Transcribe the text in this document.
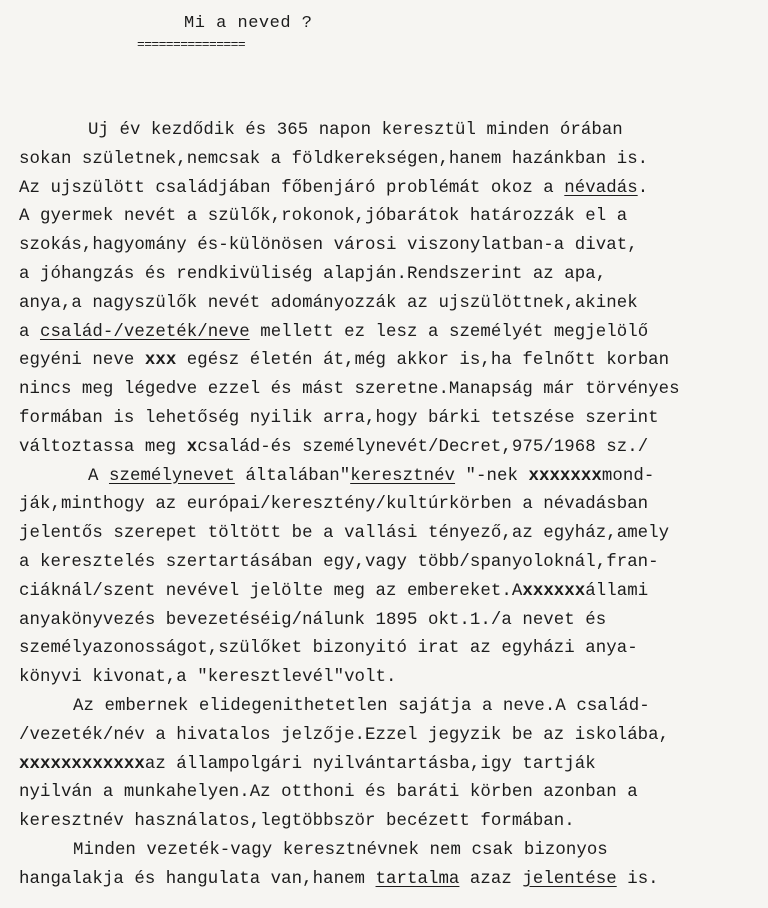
Mi a neved ?
===============
Uj év kezdődik és 365 napon keresztül minden órában
sokan születnek,nemcsak a földkerekségen,hanem hazánkban is.
Az ujszülött családjában főbenjáró problémát okoz a névadás.
A gyermek nevét a szülők,rokonok,jóbarátok határozzák el a
szokás,hagyomány és-különösen városi viszonylatban-a divat,
a jóhangzás és rendkivüliség alapján.Rendszerint az apa,
anya,a nagyszülők nevét adományozzák az ujszülöttnek,akinek
a család-/vezeték/neve mellett ez lesz a személyét megjelölő
egyéni neve xxx egész életén át,még akkor is,ha felnőtt korban
nincs meg légedve ezzel és mást szeretne.Manapság már törvényes
formában is lehetőség nyilik arra,hogy bárki tetszése szerint
változtassa meg xcsalád-és személynevét/Decret,975/1968 sz./
A személynevet általában"keresztnév "-nek xxxxxxxmond-
ják,minthogy az európai/keresztény/kultúrkörben a névadásban
jelentős szerepet töltött be a vallási tényező,az egyház,amely
a keresztelés szertartásában egy,vagy több/spanyoloknál,fran-
ciáknál/szent nevével jelölte meg az embereket.Axxxxxxállami
anyakönyvezés bevezetéséig/nálunk 1895 okt.1./a nevet és
személyazonosságot,szülőket bizonyitó irat az egyházi anya-
könyvi kivonat,a "keresztlevél"volt.
Az embernek elidegenithetetlen sajátja a neve.A család-
/vezeték/név a hivatalos jelzője.Ezzel jegyzik be az iskolába,
xxxxxxxxxxxxaz állampolgári nyilvántartásba,igy tartják
nyilván a munkahelyen.Az otthoni és baráti körben azonban a
keresztnév használatos,legtöbbször becézett formában.
Minden vezeték-vagy keresztnévnek nem csak bizonyos
hangalakja és hangulata van,hanem tartalma azaz jelentése is.
